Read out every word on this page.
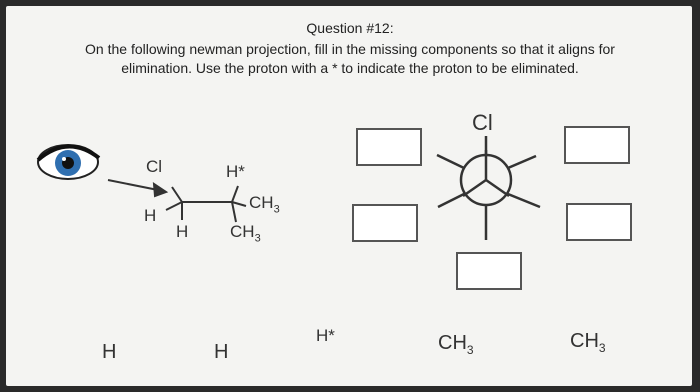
Question #12:
On the following newman projection, fill in the missing components so that it aligns for
elimination. Use the proton with a * to indicate the proton to be eliminated.
Cl	H*
$CH_3$
H
H $CH_3$
Cl
H	H
H*	$CH_3$	$CH_3$
